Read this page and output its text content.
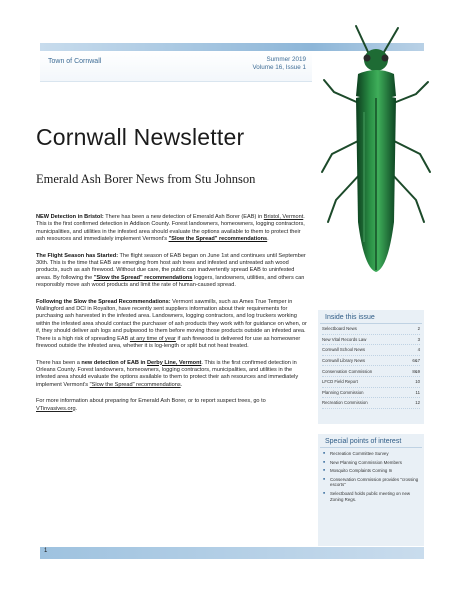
Town of Cornwall	Summer 2019
Volume 16, Issue 1
Cornwall Newsletter
Emerald Ash Borer News from Stu Johnson

NEW Detection in Bristol: There has been a new detection of Emerald Ash Borer (EAB) in Bristol, Vermont. This is the first confirmed detection in Addison County. Forest landowners, homeowners, logging contractors, municipalities, and utilities in the infested area should evaluate the options available to them to protect their ash resources and immediately implement Vermont's "Slow the Spread" recommendations.

The Flight Season has Started: The flight season of EAB began on June 1st and continues until September 30th. This is the time that EAB are emerging from host ash trees and infested and untreated ash wood products, such as ash firewood. Without due care, the public can inadvertently spread EAB to uninfested areas. By following the "Slow the Spread" recommendations loggers, landowners, utilities, and others can responsibly move ash wood products and limit the rate of human-caused spread.

Following the Slow the Spread Recommendations: Vermont sawmills, such as Ames True Temper in Wallingford and DCI in Royalton, have recently sent suppliers information about their requirements for purchasing ash harvested in the infested area. Landowners, logging contractors, and log truckers working within the infested area should contact the purchaser of ash products they work with for guidance on when, or if, they should deliver ash logs and pulpwood to them before moving those products outside an infested area. There is a high risk of spreading EAB at any time of year if ash firewood is delivered for use as homeowner firewood outside the infested area, whether it is log-length or split but not heat treated.

There has been a new detection of EAB in Derby Line, Vermont. This is the first confirmed detection in Orleans County. Forest landowners, homeowners, logging contractors, municipalities, and utilities in the infested area should evaluate the options available to them to protect their ash resources and immediately implement Vermont's "Slow the Spread" recommendations.

For more information about preparing for Emerald Ash Borer, or to report suspect trees, go to VTinvasives.org.

Inside this issue
Selectboard News	2
New Vital Records Law	3
Cornwall School News	4
Cornwall Library News	6&7
Conservation Commission	8&9
LFCD Field Report	10
Planning Commission	11
Recreation Commission	12
Special points of interest
■ Recreation Committee Survey
■ New Planning Commission Members
■ Mosquito Complaints Coming In
■ Conservation Commission provides "crossing escorts"
■ Selectboard holds public meeting on new Zoning Regs.
1
